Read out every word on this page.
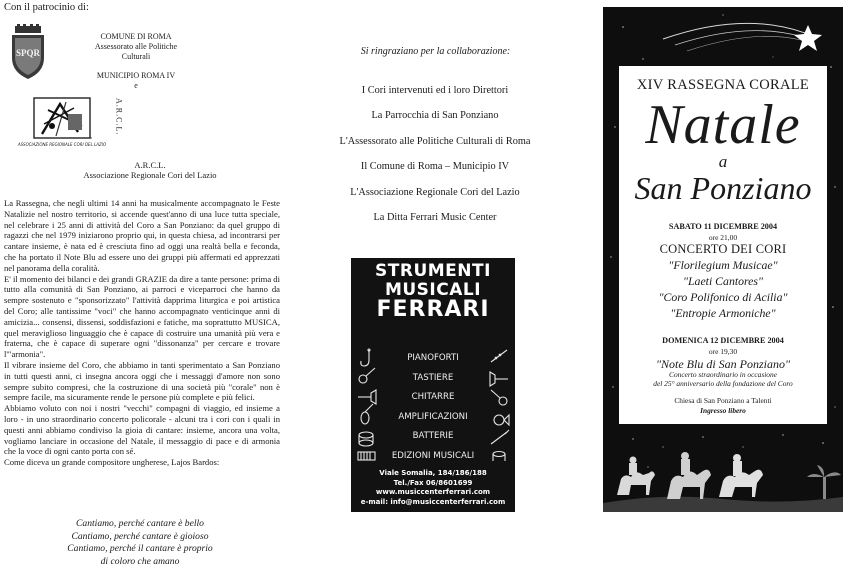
Con il patrocinio di:
SPQR
COMUNE DI ROMA
Assessorato alle Politiche
Culturali
MUNICIPIO ROMA IV
e
ASSOCIAZIONE REGIONALE CORI DEL LAZIO
A.R.C.L.
A.R.C.L.
Associazione Regionale Cori del Lazio

La Rassegna, che negli ultimi 14 anni ha musicalmente accompagnato le Feste Natalizie nel nostro territorio, si accende quest'anno di una luce tutta speciale, nel celebrare i 25 anni di attività del Coro a San Ponziano: da quel gruppo di ragazzi che nel 1979 iniziarono proprio qui, in questa chiesa, ad incontrarsi per cantare insieme, è nata ed è cresciuta fino ad oggi una realtà bella e feconda, che ha portato il Note Blu ad essere uno dei gruppi più affermati ed apprezzati nel panorama della coralità.

E' il momento dei bilanci e dei grandi GRAZIE da dire a tante persone: prima di tutto alla comunità di San Ponziano, ai parroci e viceparroci che hanno da sempre sostenuto e "sponsorizzato" l'attività dapprima liturgica e poi artistica del Coro; alle tantissime "voci" che hanno accompagnato venticinque anni di amicizia... consensi, dissensi, soddisfazioni e fatiche, ma soprattutto MUSICA, quel meraviglioso linguaggio che è capace di costruire una umanità più vera e fraterna, che è capace di superare ogni "dissonanza" per cercare e trovare l'"armonia".

Il vibrare insieme del Coro, che abbiamo in tanti sperimentato a San Ponziano in tutti questi anni, ci insegna ancora oggi che i messaggi d'amore non sono sempre subito compresi, che la costruzione di una società più "corale" non è sempre facile, ma sicuramente rende le persone più complete e più felici.

Abbiamo voluto con noi i nostri "vecchi" compagni di viaggio, ed insieme a loro - in uno straordinario concerto policorale - alcuni tra i cori con i quali in questi anni abbiamo condiviso la gioia di cantare: insieme, ancora una volta, vogliamo lanciare in occasione del Natale, il messaggio di pace e di armonia che la voce di ogni canto porta con sé.

Come diceva un grande compositore ungherese, Lajos Bardos:

Cantiamo, perché cantare è bello
Cantiamo, perché cantare è gioioso
Cantiamo, perché il cantare è proprio
di coloro che amano
Si ringraziano per la collaborazione:
I Cori intervenuti ed i loro Direttori
La Parrocchia di San Ponziano
L'Assessorato alle Politiche Culturali di Roma
Il Comune di Roma – Municipio IV
L'Associazione Regionale Cori del Lazio
La Ditta Ferrari Music Center
STRUMENTI
MUSICALI
FERRARI
PIANOFORTI
TASTIERE
CHITARRE
AMPLIFICAZIONI
BATTERIE
EDIZIONI MUSICALI
Viale Somalia, 184/186/188
Tel./Fax 06/8601699
www.musiccenterferrari.com
e-mail: info@musiccenterferrari.com
XIV RASSEGNA CORALE
Natale
a
San Ponziano
SABATO 11 DICEMBRE 2004
ore 21,00
CONCERTO DEI CORI
"Florilegium Musicae"
"Laeti Cantores"
"Coro Polifonico di Acilia"
"Entropie Armoniche"
DOMENICA 12 DICEMBRE 2004
ore 19,30
"Note Blu di San Ponziano"
Concerto straordinario in occasione
del 25° anniversario della fondazione del Coro
Chiesa di San Ponziano a Talenti
Ingresso libero
